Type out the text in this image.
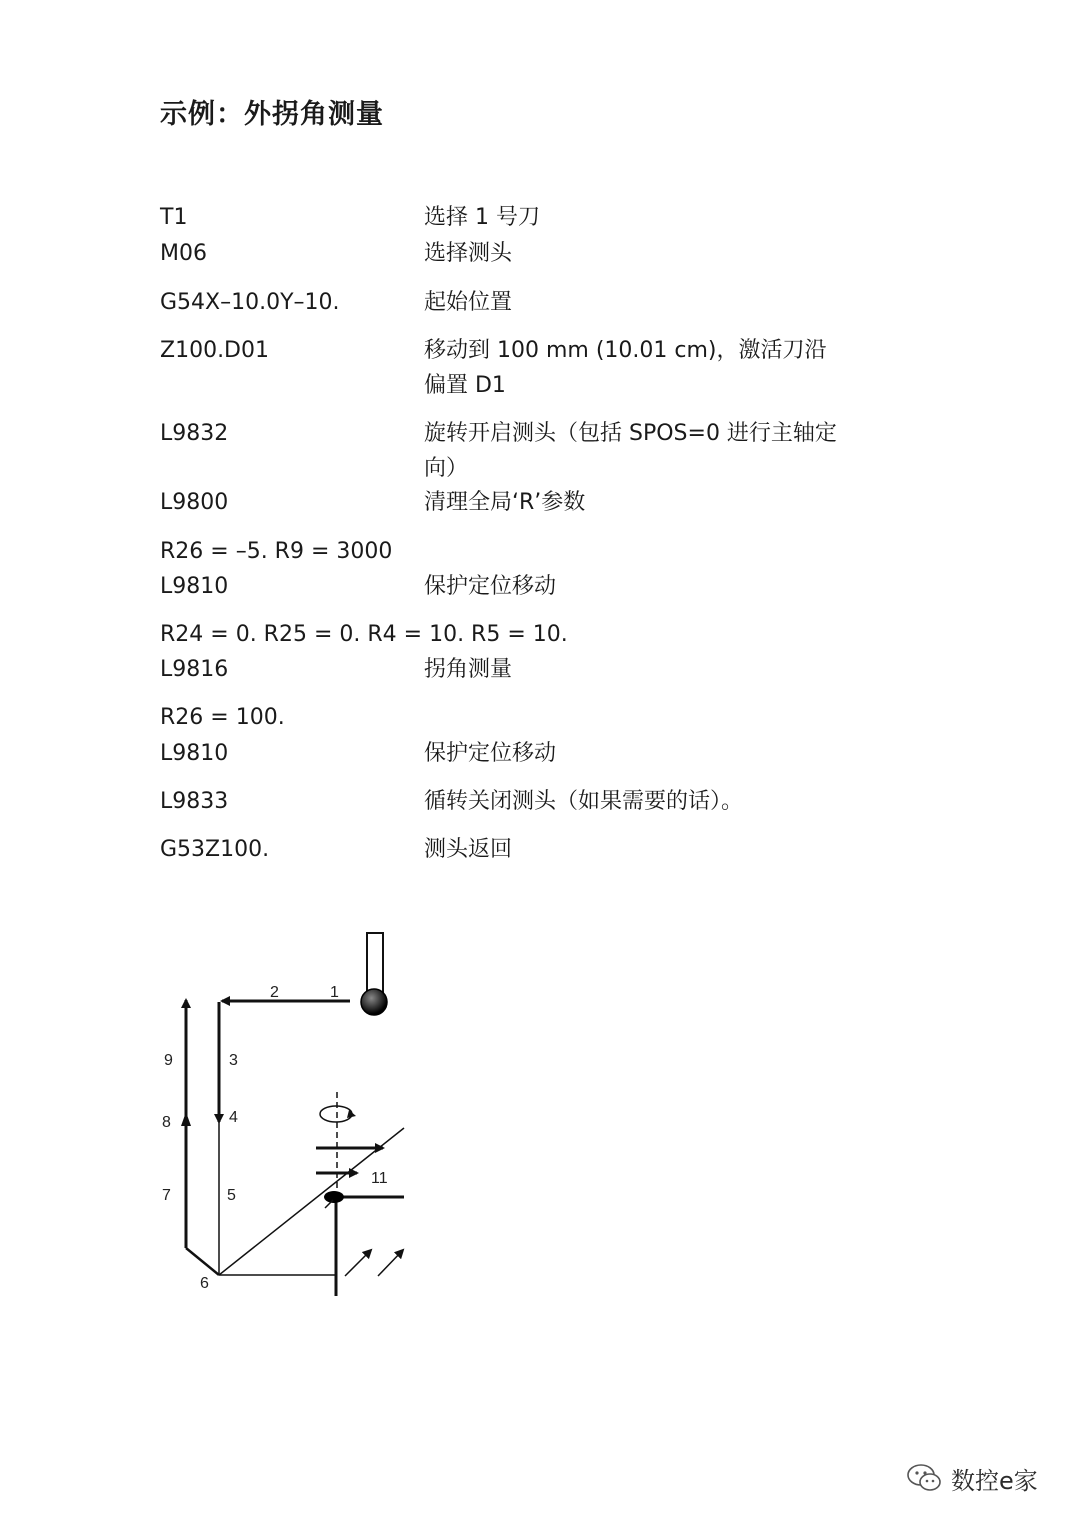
示例：外拐角测量
T1	选择 1 号刀
M06	选择测头
G54X–10.0Y–10.	起始位置
Z100.D01	移动到 100 mm (10.01 cm)，激活刀沿偏置 D1
L9832	旋转开启测头（包括 SPOS=0 进行主轴定向）
L9800	清理全局‘R’参数
R26 = –5. R9 = 3000
L9810	保护定位移动
R24 = 0. R25 = 0. R4 = 10. R5 = 10.
L9816	拐角测量
R26 = 100.
L9810	保护定位移动
L9833	循转关闭测头（如果需要的话）。
G53Z100.	测头返回
1
2
3
4
5
6
7
8
9
11
数控e家
